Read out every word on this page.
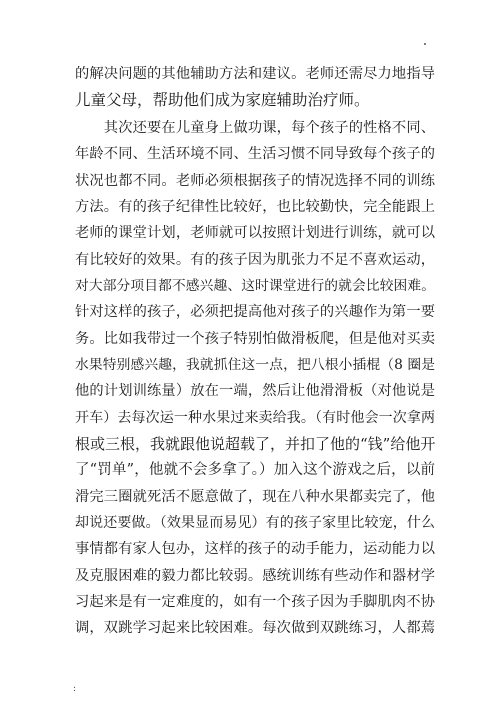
的解决问题的其他辅助方法和建议。老师还需尽力地指导
儿童父母，帮助他们成为家庭辅助治疗师。
　　其次还要在儿童身上做功课，每个孩子的性格不同、
年龄不同、生活环境不同、生活习惯不同导致每个孩子的
状况也都不同。老师必须根据孩子的情况选择不同的训练
方法。有的孩子纪律性比较好，也比较勤快，完全能跟上
老师的课堂计划，老师就可以按照计划进行训练，就可以
有比较好的效果。有的孩子因为肌张力不足不喜欢运动，
对大部分项目都不感兴趣、这时课堂进行的就会比较困难。
针对这样的孩子，必须把提高他对孩子的兴趣作为第一要
务。比如我带过一个孩子特别怕做滑板爬，但是他对买卖
水果特别感兴趣，我就抓住这一点，把八根小插棍（8 圈是
他的计划训练量）放在一端，然后让他滑滑板（对他说是
开车）去每次运一种水果过来卖给我。（有时他会一次拿两
根或三根，我就跟他说超载了，并扣了他的“钱”给他开
了“罚单”，他就不会多拿了。）加入这个游戏之后，以前
滑完三圈就死活不愿意做了，现在八种水果都卖完了，他
却说还要做。（效果显而易见）有的孩子家里比较宠，什么
事情都有家人包办，这样的孩子的动手能力，运动能力以
及克服困难的毅力都比较弱。感统训练有些动作和器材学
习起来是有一定难度的，如有一个孩子因为手脚肌肉不协
调，双跳学习起来比较困难。每次做到双跳练习，人都蔫
:
